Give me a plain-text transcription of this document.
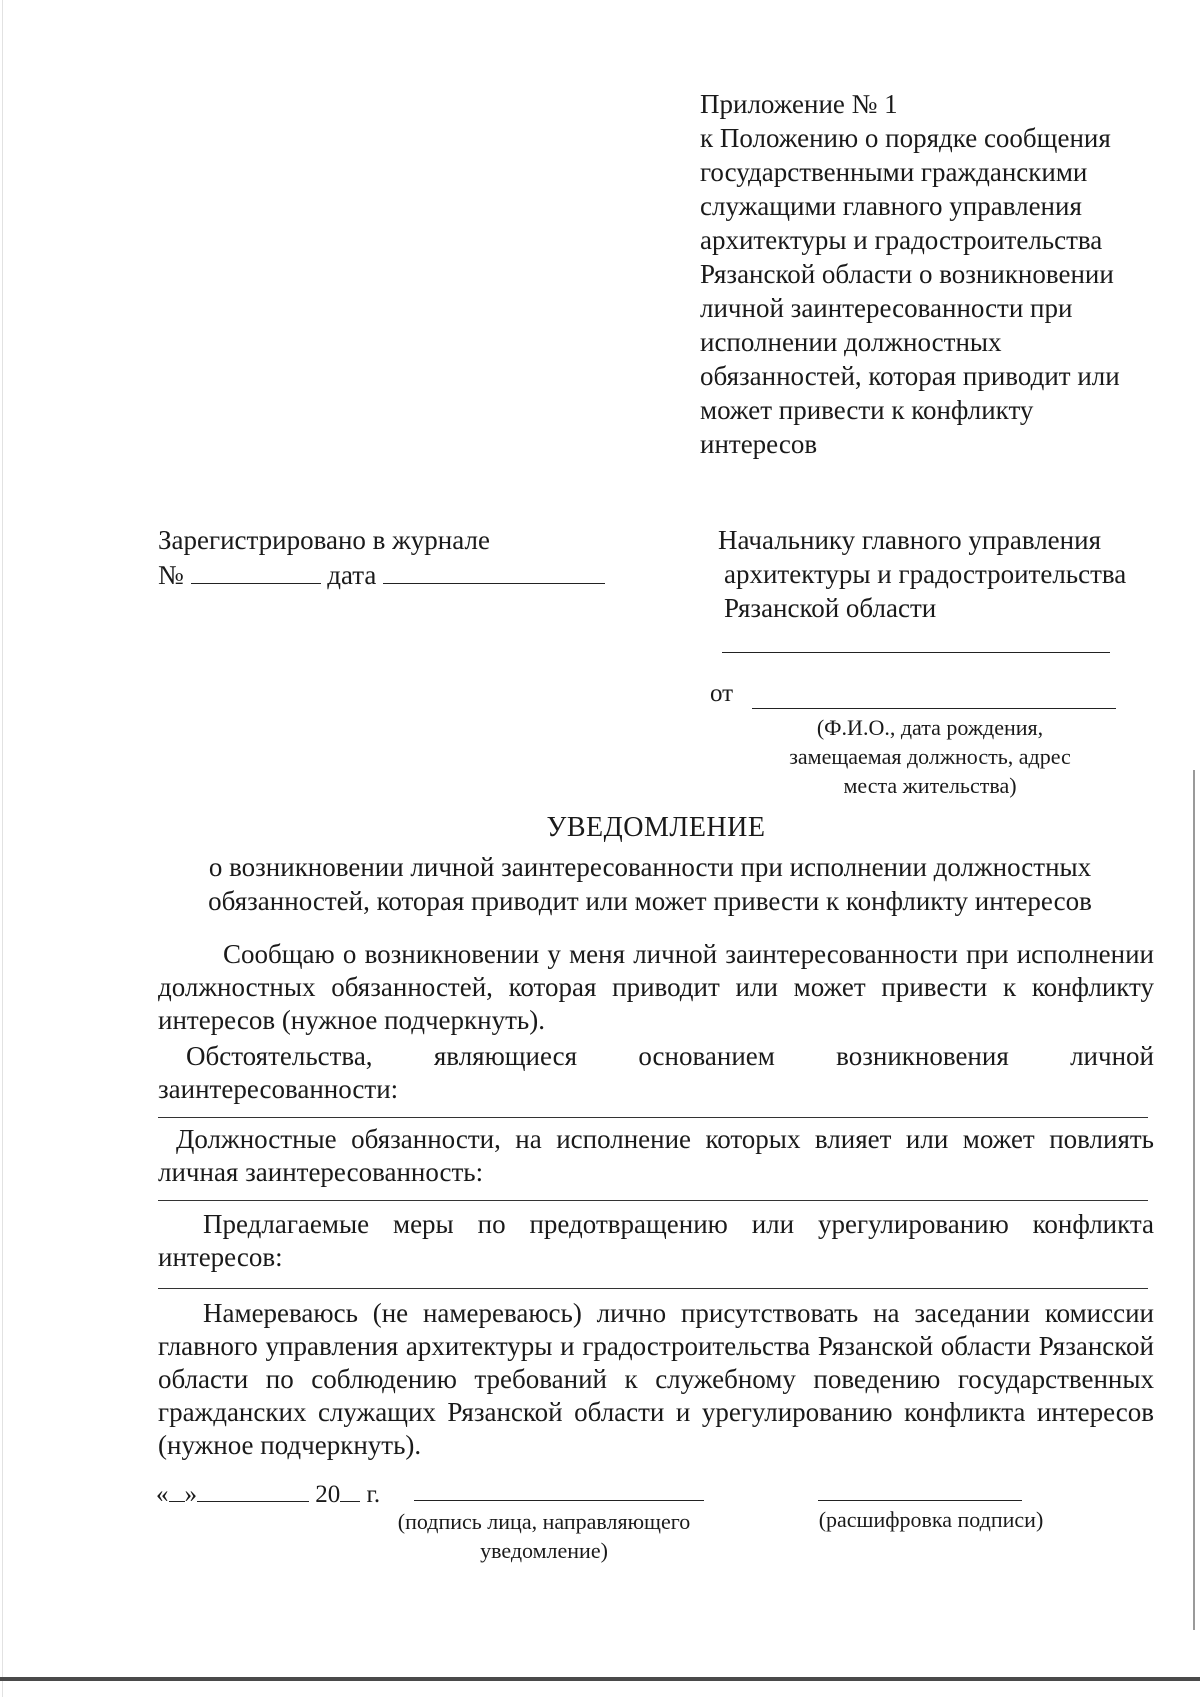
Приложение № 1
к Положению о порядке сообщения
государственными гражданскими
служащими главного управления
архитектуры и градостроительства
Рязанской области о возникновении
личной заинтересованности при
исполнении должностных
обязанностей, которая приводит или
может привести к конфликту
интересов
Зарегистрировано в журнале
№	дата
Начальнику главного управления
архитектуры и градостроительства
Рязанской области
от
(Ф.И.О., дата рождения, замещаемая должность, адрес места жительства)
УВЕДОМЛЕНИЕ
о возникновении личной заинтересованности при исполнении должностных обязанностей, которая приводит или может привести к конфликту интересов

Сообщаю о возникновении у меня личной заинтересованности при исполнении должностных обязанностей, которая приводит или может привести к конфликту интересов (нужное подчеркнуть).

Обстоятельства, являющиеся основанием возникновения личной заинтересованности:

Должностные обязанности, на исполнение которых влияет или может повлиять личная заинтересованность:

Предлагаемые меры по предотвращению или урегулированию конфликта интересов:

Намереваюсь (не намереваюсь) лично присутствовать на заседании комиссии главного управления архитектуры и градостроительства Рязанской области Рязанской области по соблюдению требований к служебному поведению государственных гражданских служащих Рязанской области и урегулированию конфликта интересов (нужное подчеркнуть).

« »	20 г.
(подпись лица, направляющего уведомление)
(расшифровка подписи)
